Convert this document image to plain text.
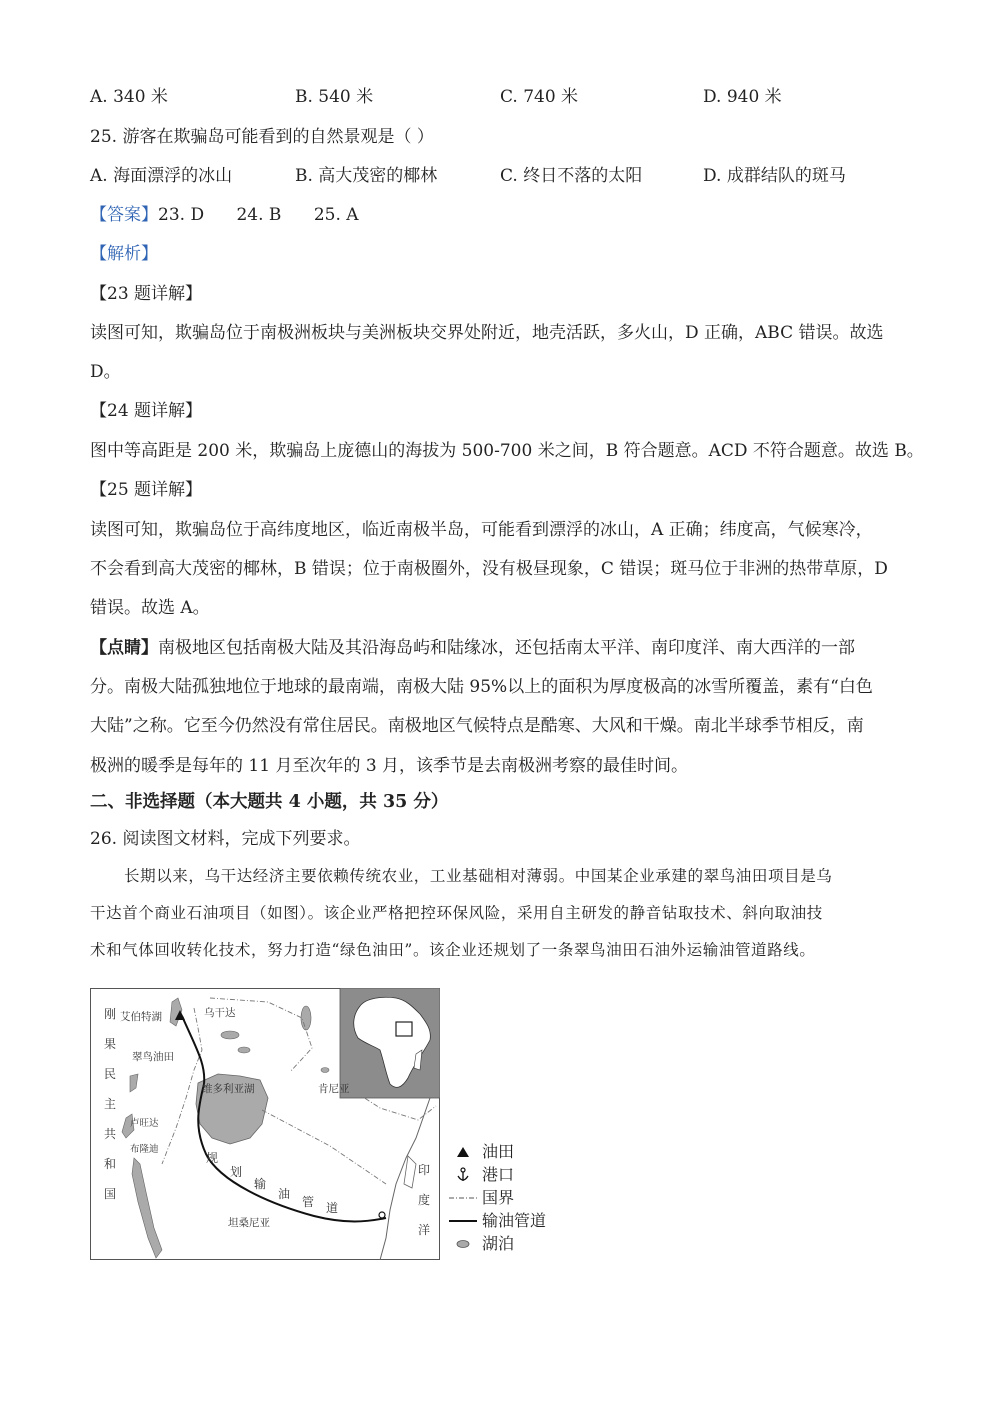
A. 340 米	B. 540 米	C. 740 米	D. 940 米
25. 游客在欺骗岛可能看到的自然景观是（ ）
A. 海面漂浮的冰山	B. 高大茂密的椰林	C. 终日不落的太阳	D. 成群结队的斑马
【答案】23. D      24. B      25. A
【解析】
【23 题详解】
读图可知，欺骗岛位于南极洲板块与美洲板块交界处附近，地壳活跃，多火山，D 正确，ABC 错误。故选
D。
【24 题详解】
图中等高距是 200 米，欺骗岛上庞德山的海拔为 500-700 米之间，B 符合题意。ACD 不符合题意。故选 B。
【25 题详解】
读图可知，欺骗岛位于高纬度地区，临近南极半岛，可能看到漂浮的冰山，A 正确；纬度高，气候寒冷，
不会看到高大茂密的椰林，B 错误；位于南极圈外，没有极昼现象，C 错误；斑马位于非洲的热带草原，D
错误。故选 A。
【点睛】南极地区包括南极大陆及其沿海岛屿和陆缘冰，还包括南太平洋、南印度洋、南大西洋的一部
分。南极大陆孤独地位于地球的最南端，南极大陆 95%以上的面积为厚度极高的冰雪所覆盖，素有“白色
大陆”之称。它至今仍然没有常住居民。南极地区气候特点是酷寒、大风和干燥。南北半球季节相反，南
极洲的暖季是每年的 11 月至次年的 3 月，该季节是去南极洲考察的最佳时间。
二、非选择题（本大题共 4 小题，共 35 分）
26. 阅读图文材料，完成下列要求。
长期以来，乌干达经济主要依赖传统农业，工业基础相对薄弱。中国某企业承建的翠鸟油田项目是乌
干达首个商业石油项目（如图）。该企业严格把控环保风险，采用自主研发的静音钻取技术、斜向取油技
术和气体回收转化技术，努力打造“绿色油田”。该企业还规划了一条翠鸟油田石油外运输油管道路线。
刚
果
民
主
共
和
国
艾伯特湖	乌干达
翠鸟油田
维多利亚湖	肯尼亚
卢旺达
布隆迪
坦桑尼亚
规
划
输
油
管 道
印
度
洋
油田
港口
国界
输油管道
湖泊
